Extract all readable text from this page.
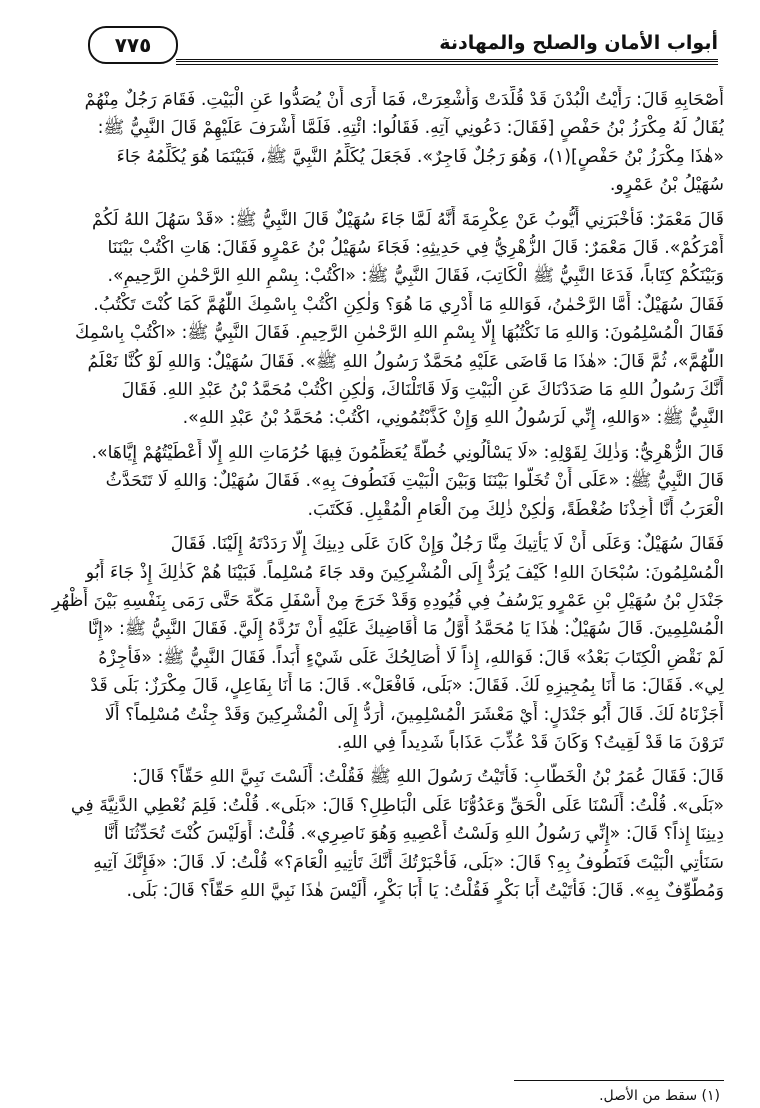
أبواب الأمان والصلح والمهادنة
٧٧٥
أَصْحَابِهِ قَالَ: رَأَيْتُ الْبُدْنَ قَدْ قُلِّدَتْ وَأُشْعِرَتْ، فَمَا أَرَى أَنْ يُصَدُّوا عَنِ الْبَيْتِ. فَقَامَ رَجُلٌ مِنْهُمْ
يُقَالُ لَهُ مِكْرَزُ بْنُ حَفْصٍ [فَقَالَ: دَعُونِي آتِهِ. فَقَالُوا: ائْتِهِ. فَلَمَّا أَشْرَفَ عَلَيْهِمْ قَالَ النَّبِيُّ ﷺ:
«هٰذَا مِكْرَزُ بْنُ حَفْصٍ](١)، وَهُوَ رَجُلٌ فَاجِرٌ». فَجَعَلَ يُكَلِّمُ النَّبِيَّ ﷺ، فَبَيْنَمَا هُوَ يُكَلِّمُهُ جَاءَ
سُهَيْلُ بْنُ عَمْرٍو.
قَالَ مَعْمَرٌ: فَأَخْبَرَنِي أَيُّوبُ عَنْ عِكْرِمَةَ أَنَّهُ لَمَّا جَاءَ سُهَيْلٌ قَالَ النَّبِيُّ ﷺ: «قَدْ سَهُلَ اللهُ لَكُمْ
أَمْرَكُمْ». قَالَ مَعْمَرٌ: قَالَ الزُّهْرِيُّ فِي حَدِيثِهِ: فَجَاءَ سُهَيْلُ بْنُ عَمْرٍو فَقَالَ: هَاتِ اكْتُبْ بَيْنَنَا
وَبَيْنَكُمْ كِتَاباً، فَدَعَا النَّبِيُّ ﷺ الْكَاتِبَ، فَقَالَ النَّبِيُّ ﷺ: «اكْتُبْ: بِسْمِ اللهِ الرَّحْمٰنِ الرَّحِيمِ».
فَقَالَ سُهَيْلٌ: أَمَّا الرَّحْمٰنُ، فَوَاللهِ مَا أَدْرِي مَا هُوَ؟ وَلٰكِنِ اكْتُبْ بِاسْمِكَ اللّٰهُمَّ كَمَا كُنْتَ تَكْتُبُ.
فَقَالَ الْمُسْلِمُونَ: وَاللهِ مَا نَكْتُبُهَا إِلَّا بِسْمِ اللهِ الرَّحْمٰنِ الرَّحِيمِ. فَقَالَ النَّبِيُّ ﷺ: «اكْتُبْ بِاسْمِكَ
اللّٰهُمَّ»، ثُمَّ قَالَ: «هٰذَا مَا قَاضَى عَلَيْهِ مُحَمَّدٌ رَسُولُ اللهِ ﷺ». فَقَالَ سُهَيْلٌ: وَاللهِ لَوْ كُنَّا نَعْلَمُ
أَنَّكَ رَسُولُ اللهِ مَا صَدَدْنَاكَ عَنِ الْبَيْتِ وَلَا قَاتَلْنَاكَ، وَلٰكِنِ اكْتُبْ مُحَمَّدُ بْنُ عَبْدِ اللهِ. فَقَالَ
النَّبِيُّ ﷺ: «وَاللهِ، إِنِّي لَرَسُولُ اللهِ وَإِنْ كَذَّبْتُمُونِي، اكْتُبْ: مُحَمَّدُ بْنُ عَبْدِ اللهِ».
قَالَ الزُّهْرِيُّ: وَذٰلِكَ لِقَوْلِهِ: «لَا يَسْأَلُونِي خُطَّةً يُعَظِّمُونَ فِيهَا حُرُمَاتِ اللهِ إِلَّا أَعْطَيْتُهُمْ إِيَّاهَا».
قَالَ النَّبِيُّ ﷺ: «عَلَى أَنْ تُخَلُّوا بَيْنَنَا وَبَيْنَ الْبَيْتِ فَنَطُوفَ بِهِ». فَقَالَ سُهَيْلٌ: وَاللهِ لَا تَتَحَدَّثُ
الْعَرَبُ أَنَّا أُخِذْنَا ضُغْطَةً، وَلٰكِنْ ذٰلِكَ مِنَ الْعَامِ الْمُقْبِلِ. فَكَتَبَ.
فَقَالَ سُهَيْلٌ: وَعَلَى أَنْ لَا يَأْتِيكَ مِنَّا رَجُلٌ وَإِنْ كَانَ عَلَى دِينِكَ إِلَّا رَدَدْتَهُ إِلَيْنَا. فَقَالَ
الْمُسْلِمُونَ: سُبْحَانَ اللهِ! كَيْفَ يُرَدُّ إِلَى الْمُشْرِكِينَ وقد جَاءَ مُسْلِماً. فَبَيْنَا هُمْ كَذٰلِكَ إِذْ جَاءَ أَبُو
جَنْدَلِ بْنُ سُهَيْلِ بْنِ عَمْرٍو يَرْسُفُ فِي قُيُودِهِ وَقَدْ خَرَجَ مِنْ أَسْفَلِ مَكَّةَ حَتَّى رَمَى بِنَفْسِهِ بَيْنَ أَظْهُرِ
الْمُسْلِمِينَ. قَالَ سُهَيْلٌ: هٰذَا يَا مُحَمَّدُ أَوَّلُ مَا أُقَاضِيكَ عَلَيْهِ أَنْ تَرُدَّهُ إِلَيَّ. فَقَالَ النَّبِيُّ ﷺ: «إِنَّا
لَمْ نَقْضِ الْكِتَابَ بَعْدُ» قَالَ: فَوَاللهِ، إِذاً لَا أُصَالِحُكَ عَلَى شَيْءٍ أَبَداً. فَقَالَ النَّبِيُّ ﷺ: «فَأَجِزْهُ
لِي». فَقَالَ: مَا أَنَا بِمُجِيزِهِ لَكَ. فَقَالَ: «بَلَى، فَافْعَلْ». قَالَ: مَا أَنَا بِفَاعِلٍ، قَالَ مِكْرَزٌ: بَلَى قَدْ
أَجَزْنَاهُ لَكَ. قَالَ أَبُو جَنْدَلٍ: أَيْ مَعْشَرَ الْمُسْلِمِينَ، أُرَدُّ إِلَى الْمُشْرِكِينَ وَقَدْ جِئْتُ مُسْلِماً؟ أَلَا
تَرَوْنَ مَا قَدْ لَقِيتُ؟ وَكَانَ قَدْ عُذِّبَ عَذَاباً شَدِيداً فِي اللهِ.
قَالَ: فَقَالَ عُمَرُ بْنُ الْخَطَّابِ: فَأَتَيْتُ رَسُولَ اللهِ ﷺ فَقُلْتُ: أَلَسْتَ نَبِيَّ اللهِ حَقّاً؟ قَالَ:
«بَلَى». قُلْتُ: أَلَسْنَا عَلَى الْحَقِّ وَعَدُوُّنَا عَلَى الْبَاطِلِ؟ قَالَ: «بَلَى». قُلْتُ: فَلِمَ نُعْطِي الدَّنِيَّةَ فِي
دِينِنَا إِذاً؟ قَالَ: «إِنِّي رَسُولُ اللهِ وَلَسْتُ أَعْصِيهِ وَهُوَ نَاصِرِي». قُلْتُ: أَوَلَيْسَ كُنْتَ تُحَدِّثُنَا أَنَّا
سَنَأْتِي الْبَيْتَ فَنَطُوفُ بِهِ؟ قَالَ: «بَلَى، فَأَخْبَرْتُكَ أَنَّكَ تَأْتِيهِ الْعَامَ؟» قُلْتُ: لَا. قَالَ: «فَإِنَّكَ آتِيهِ
وَمُطَّوِّفٌ بِهِ». قَالَ: فَأَتَيْتُ أَبَا بَكْرٍ فَقُلْتُ: يَا أَبَا بَكْرٍ، أَلَيْسَ هٰذَا نَبِيَّ اللهِ حَقّاً؟ قَالَ: بَلَى.
(١) سقط من الأصل.
